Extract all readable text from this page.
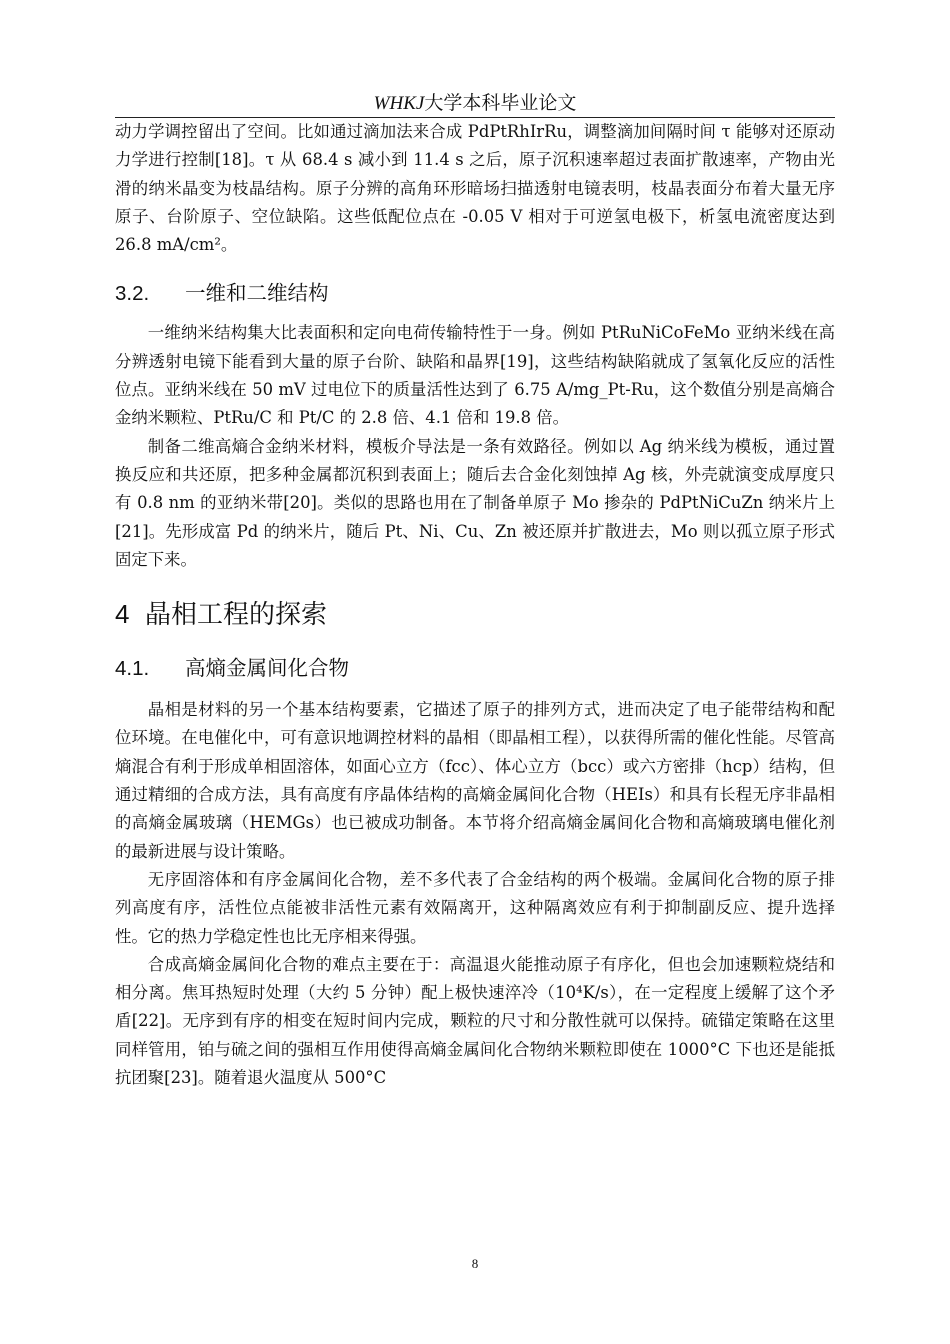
WHKJ大学本科毕业论文

动力学调控留出了空间。比如通过滴加法来合成 PdPtRhIrRu，调整滴加间隔时间 τ 能够对还原动力学进行控制[18]。τ 从 68.4 s 减小到 11.4 s 之后，原子沉积速率超过表面扩散速率，产物由光滑的纳米晶变为枝晶结构。原子分辨的高角环形暗场扫描透射电镜表明，枝晶表面分布着大量无序原子、台阶原子、空位缺陷。这些低配位点在 -0.05 V 相对于可逆氢电极下，析氢电流密度达到 26.8 mA/cm²。

3.2. 一维和二维结构

一维纳米结构集大比表面积和定向电荷传输特性于一身。例如 PtRuNiCoFeMo 亚纳米线在高分辨透射电镜下能看到大量的原子台阶、缺陷和晶界[19]，这些结构缺陷就成了氢氧化反应的活性位点。亚纳米线在 50 mV 过电位下的质量活性达到了 6.75 A/mg_Pt-Ru，这个数值分别是高熵合金纳米颗粒、PtRu/C 和 Pt/C 的 2.8 倍、4.1 倍和 19.8 倍。

制备二维高熵合金纳米材料，模板介导法是一条有效路径。例如以 Ag 纳米线为模板，通过置换反应和共还原，把多种金属都沉积到表面上；随后去合金化刻蚀掉 Ag 核，外壳就演变成厚度只有 0.8 nm 的亚纳米带[20]。类似的思路也用在了制备单原子 Mo 掺杂的 PdPtNiCuZn 纳米片上[21]。先形成富 Pd 的纳米片，随后 Pt、Ni、Cu、Zn 被还原并扩散进去，Mo 则以孤立原子形式固定下来。

4 晶相工程的探索
4.1. 高熵金属间化合物

晶相是材料的另一个基本结构要素，它描述了原子的排列方式，进而决定了电子能带结构和配位环境。在电催化中，可有意识地调控材料的晶相（即晶相工程），以获得所需的催化性能。尽管高熵混合有利于形成单相固溶体，如面心立方（fcc）、体心立方（bcc）或六方密排（hcp）结构，但通过精细的合成方法，具有高度有序晶体结构的高熵金属间化合物（HEIs）和具有长程无序非晶相的高熵金属玻璃（HEMGs）也已被成功制备。本节将介绍高熵金属间化合物和高熵玻璃电催化剂的最新进展与设计策略。

无序固溶体和有序金属间化合物，差不多代表了合金结构的两个极端。金属间化合物的原子排列高度有序，活性位点能被非活性元素有效隔离开，这种隔离效应有利于抑制副反应、提升选择性。它的热力学稳定性也比无序相来得强。

合成高熵金属间化合物的难点主要在于：高温退火能推动原子有序化，但也会加速颗粒烧结和相分离。焦耳热短时处理（大约 5 分钟）配上极快速淬冷（10⁴K/s），在一定程度上缓解了这个矛盾[22]。无序到有序的相变在短时间内完成，颗粒的尺寸和分散性就可以保持。硫锚定策略在这里同样管用，铂与硫之间的强相互作用使得高熵金属间化合物纳米颗粒即使在 1000°C 下也还是能抵抗团聚[23]。随着退火温度从 500°C

8
